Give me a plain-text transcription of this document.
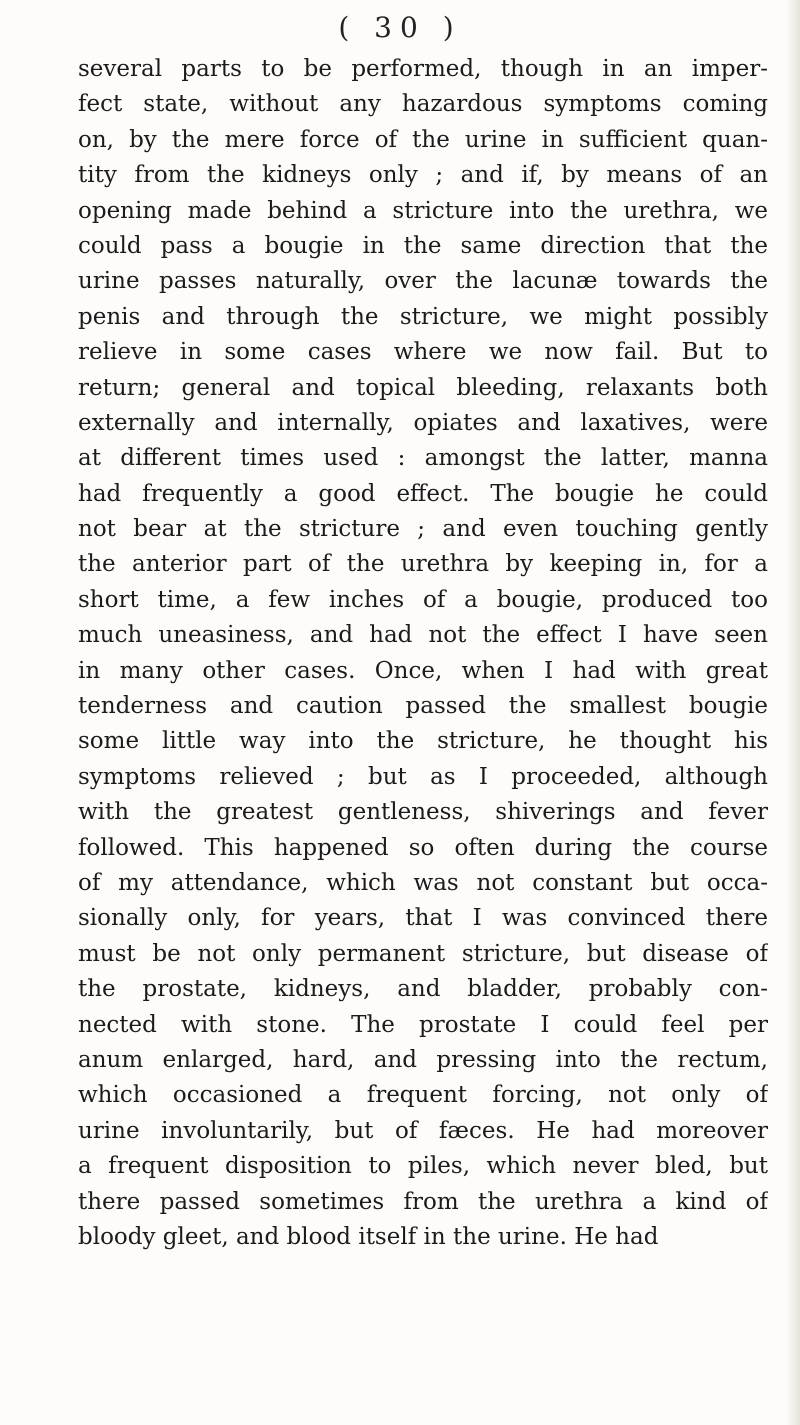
( 30 )
several parts to be performed, though in an imper-
fect state, without any hazardous symptoms coming
on, by the mere force of the urine in sufficient quan-
tity from the kidneys only ; and if, by means of an
opening made behind a stricture into the urethra, we
could pass a bougie in the same direction that the
urine passes naturally, over the lacunæ towards the
penis and through the stricture, we might possibly
relieve in some cases where we now fail. But to
return; general and topical bleeding, relaxants both
externally and internally, opiates and laxatives, were
at different times used : amongst the latter, manna
had frequently a good effect. The bougie he could
not bear at the stricture ; and even touching gently
the anterior part of the urethra by keeping in, for a
short time, a few inches of a bougie, produced too
much uneasiness, and had not the effect I have seen
in many other cases. Once, when I had with great
tenderness and caution passed the smallest bougie
some little way into the stricture, he thought his
symptoms relieved ; but as I proceeded, although
with the greatest gentleness, shiverings and fever
followed. This happened so often during the course
of my attendance, which was not constant but occa-
sionally only, for years, that I was convinced there
must be not only permanent stricture, but disease of
the prostate, kidneys, and bladder, probably con-
nected with stone. The prostate I could feel per
anum enlarged, hard, and pressing into the rectum,
which occasioned a frequent forcing, not only of
urine involuntarily, but of fæces. He had moreover
a frequent disposition to piles, which never bled, but
there passed sometimes from the urethra a kind of
bloody gleet, and blood itself in the urine. He had
